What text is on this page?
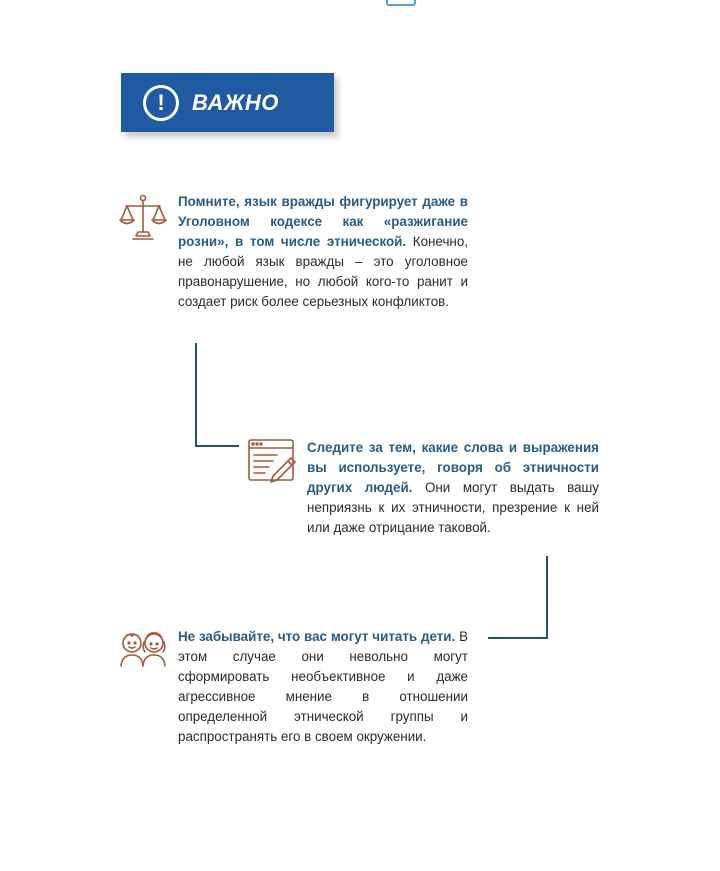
! ВАЖНО
Помните, язык вражды фигурирует даже в Уголовном кодексе как «разжигание розни», в том числе этнической. Конечно, не любой язык вражды – это уголовное правонарушение, но любой кого-то ранит и создает риск более серьезных конфликтов.
Следите за тем, какие слова и выражения вы используете, говоря об этничности других людей. Они могут выдать вашу неприязнь к их этничности, презрение к ней или даже отрицание таковой.
Не забывайте, что вас могут читать дети. В этом случае они невольно могут сформировать необъективное и даже агрессивное мнение в отношении определенной этнической группы и распространять его в своем окружении.
